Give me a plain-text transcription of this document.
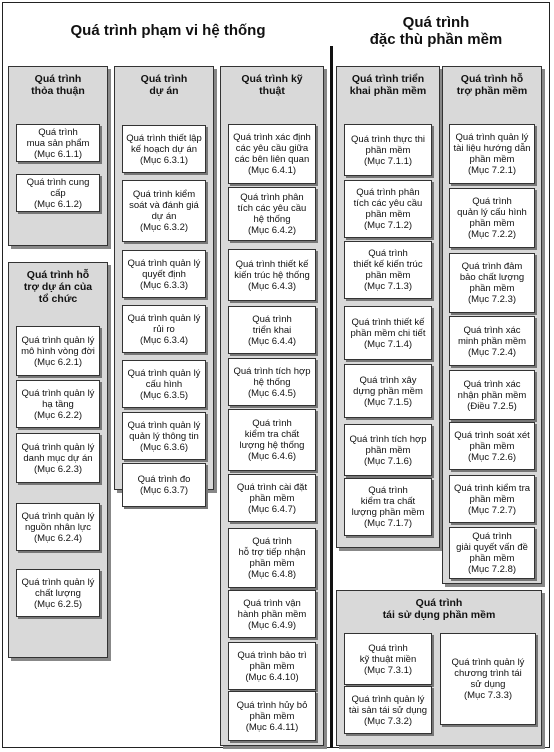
Quá trình phạm vi hệ thống	Quá trình
đặc thù phần mềm
Quá trình
thỏa thuận
Quá trình
mua sản phẩm
(Mục 6.1.1)
Quá trình cung cấp
(Mục 6.1.2)
Quá trình hỗ
trợ dự án của
tổ chức
Quá trình quản lý
mô hình vòng đời
(Mục 6.2.1)
Quá trình quản lý
hạ tầng
(Mục 6.2.2)
Quá trình quản lý
danh mục dự án
(Mục 6.2.3)
Quá trình quản lý
nguồn nhân lực
(Mục 6.2.4)
Quá trình quản lý
chất lượng
(Mục 6.2.5)
Quá trình
dự án
Quá trình thiết lập
kế hoạch dự án
(Mục 6.3.1)
Quá trình kiểm
soát và đánh giá
dự án
(Mục 6.3.2)
Quá trình quản lý
quyết định
(Mục 6.3.3)
Quá trình quản lý
rủi ro
(Mục 6.3.4)
Quá trình quản lý
cấu hình
(Mục 6.3.5)
Quá trình quản lý
quản lý thông tin
(Mục 6.3.6)
Quá trình đo
(Mục 6.3.7)
Quá trình kỹ
thuật
Quá trình xác định
các yêu cầu giữa
các bên liên quan
(Mục 6.4.1)
Quá trình phân
tích các yêu cầu
hệ thống
(Mục 6.4.2)
Quá trình thiết kế
kiến trúc hệ thống
(Mục 6.4.3)
Quá trình
triển khai
(Mục 6.4.4)
Quá trình tích hợp
hệ thống
(Mục 6.4.5)
Quá trình
kiểm tra chất
lượng hệ thống
(Mục 6.4.6)
Quá trình cài đặt
phần mềm
(Mục 6.4.7)
Quá trình
hỗ trợ tiếp nhận
phần mềm
(Mục 6.4.8)
Quá trình vận
hành phần mềm
(Mục 6.4.9)
Quá trình bảo trì
phần mềm
(Mục 6.4.10)
Quá trình hủy bỏ
phần mềm
(Mục 6.4.11)
Quá trình triển
khai phần mềm
Quá trình thực thi
phần mềm
(Mục 7.1.1)
Quá trình phân
tích các yêu cầu
phần mềm
(Mục 7.1.2)
Quá trình
thiết kế kiến trúc
phần mềm
(Mục 7.1.3)
Quá trình thiết kế
phần mềm chi tiết
(Mục 7.1.4)
Quá trình xây
dựng phần mềm
(Mục 7.1.5)
Quá trình tích hợp
phần mềm
(Mục 7.1.6)
Quá trình
kiểm tra chất
lượng phần mềm
(Mục 7.1.7)
Quá trình hỗ
trợ phần mềm
Quá trình quản lý
tài liệu hướng dẫn
phần mềm
(Mục 7.2.1)
Quá trình
quản lý cấu hình
phần mềm
(Mục 7.2.2)
Quá trình đảm
bảo chất lượng
phần mềm
(Mục 7.2.3)
Quá trình xác
minh phần mềm
(Mục 7.2.4)
Quá trình xác
nhận phần mềm
(Điều 7.2.5)
Quá trình soát xét
phần mềm
(Mục 7.2.6)
Quá trình kiểm tra
phần mềm
(Mục 7.2.7)
Quá trình
giải quyết vấn đề
phần mềm
(Mục 7.2.8)
Quá trình
tái sử dụng phần mềm
Quá trình
kỹ thuật miền
(Mục 7.3.1)
Quá trình quản lý
tài sản tái sử dụng
(Mục 7.3.2)
Quá trình quản lý
chương trình tái
sử dụng
(Mục 7.3.3)
